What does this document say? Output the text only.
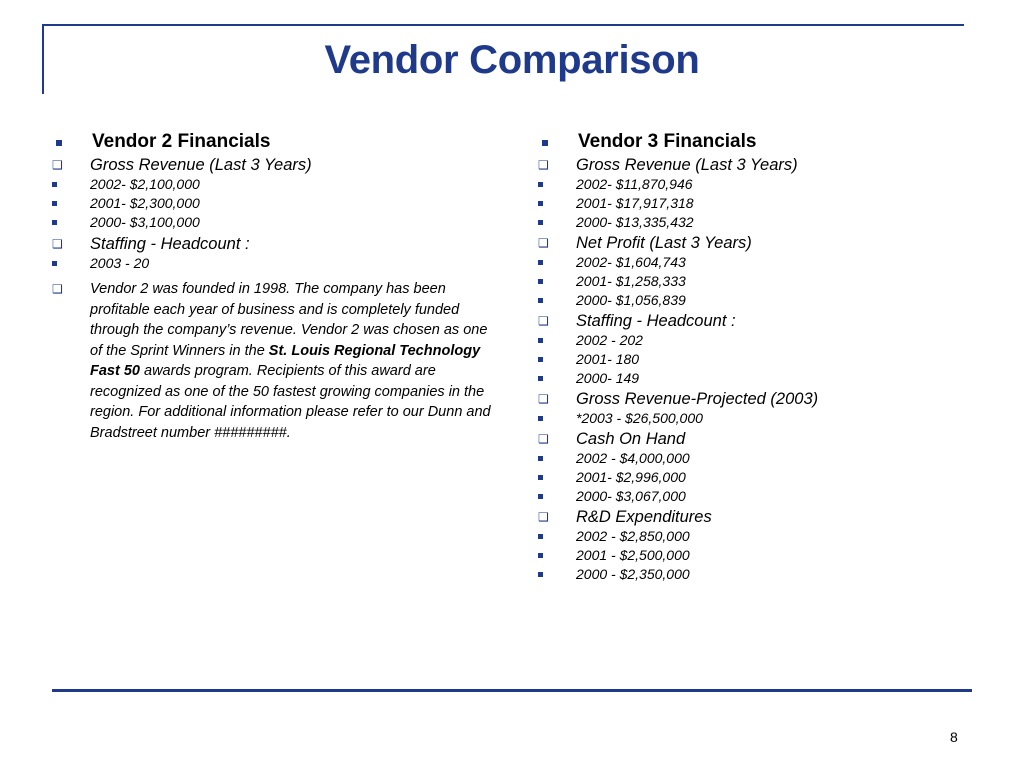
Vendor Comparison
Vendor 2 Financials
❑ Gross Revenue (Last 3 Years)
2002- $2,100,000
2001- $2,300,000
2000- $3,100,000
❑ Staffing - Headcount :
2003 - 20
❑ Vendor 2 was founded in 1998. The company has been profitable each year of business and is completely funded through the company’s revenue. Vendor 2 was chosen as one of the Sprint Winners in the St. Louis Regional Technology Fast 50 awards program. Recipients of this award are recognized as one of the 50 fastest growing companies in the region. For additional information please refer to our Dunn and Bradstreet number #########.
Vendor 3 Financials
❑ Gross Revenue (Last 3 Years)
2002- $11,870,946
2001- $17,917,318
2000- $13,335,432
❑ Net Profit (Last 3 Years)
2002- $1,604,743
2001- $1,258,333
2000- $1,056,839
❑ Staffing - Headcount :
2002 - 202
2001- 180
2000- 149
❑ Gross Revenue-Projected (2003)
*2003 - $26,500,000
❑ Cash On Hand
2002 - $4,000,000
2001- $2,996,000
2000- $3,067,000
❑ R&D Expenditures
2002 - $2,850,000
2001 - $2,500,000
2000 - $2,350,000
8
